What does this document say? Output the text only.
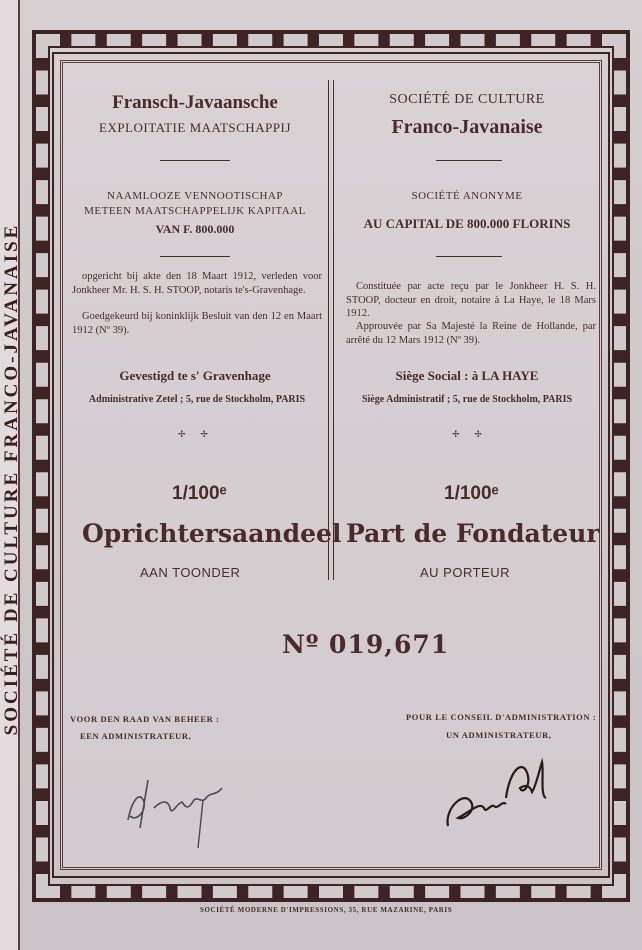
SOCIÉTÉ DE CULTURE FRANCO-JAVANAISE
Fransch-Javaansche
EXPLOITATIE MAATSCHAPPIJ
NAAMLOOZE VENNOOTISCHAP
METEEN MAATSCHAPPELIJK KAPITAAL
VAN F. 800.000
opgericht bij akte den 18 Maart 1912, verleden voor Jonkheer Mr. H. S. H. STOOP, notaris te's-Gravenhage.
Goedgekeurd bij koninklijk Besluit van den 12 en Maart 1912 (Nº 39).
Gevestigd te s' Gravenhage
Administrative Zetel ; 5, rue de Stockholm, PARIS
✢ ✢
1/100ᵉ
Oprichtersaandeel
AAN TOONDER
SOCIÉTÉ DE CULTURE
Franco-Javanaise
SOCIÉTÉ ANONYME
AU CAPITAL DE 800.000 FLORINS
Constituée par acte reçu par le Jonkheer H. S. H. STOOP, docteur en droit, notaire à La Haye, le 18 Mars 1912.
Approuvée par Sa Majesté la Reine de Hollande, par arrêté du 12 Mars 1912 (Nº 39).
Siège Social : à LA HAYE
Siège Administratif ; 5, rue de Stockholm, PARIS
✢ ✢
1/100ᵉ
Part de Fondateur
AU PORTEUR
Nº 019,671
VOOR DEN RAAD VAN BEHEER :
EEN ADMINISTRATEUR,
POUR LE CONSEIL D'ADMINISTRATION :
UN ADMINISTRATEUR,
SOCIÉTÉ MODERNE D'IMPRESSIONS, 35, RUE MAZARINE, PARIS
